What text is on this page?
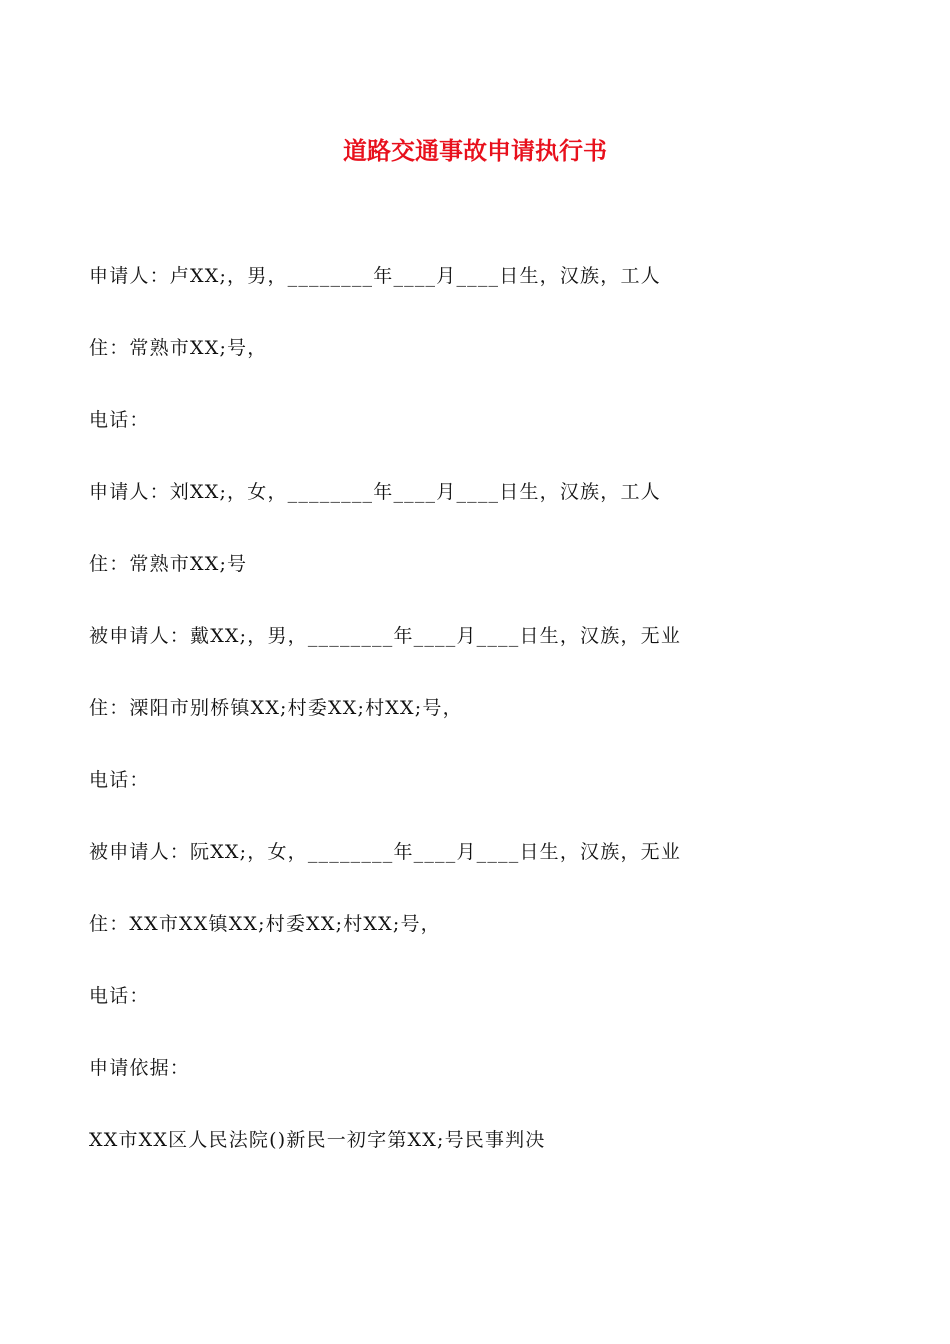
道路交通事故申请执行书

申请人：卢XX;，男，________年____月____日生，汉族，工人

住：常熟市XX;号，

电话：

申请人：刘XX;，女，________年____月____日生，汉族，工人

住：常熟市XX;号

被申请人：戴XX;，男，________年____月____日生，汉族，无业

住：溧阳市别桥镇XX;村委XX;村XX;号，

电话：

被申请人：阮XX;，女，________年____月____日生，汉族，无业

住：XX市XX镇XX;村委XX;村XX;号，

电话：

申请依据：

XX市XX区人民法院()新民一初字第XX;号民事判决
